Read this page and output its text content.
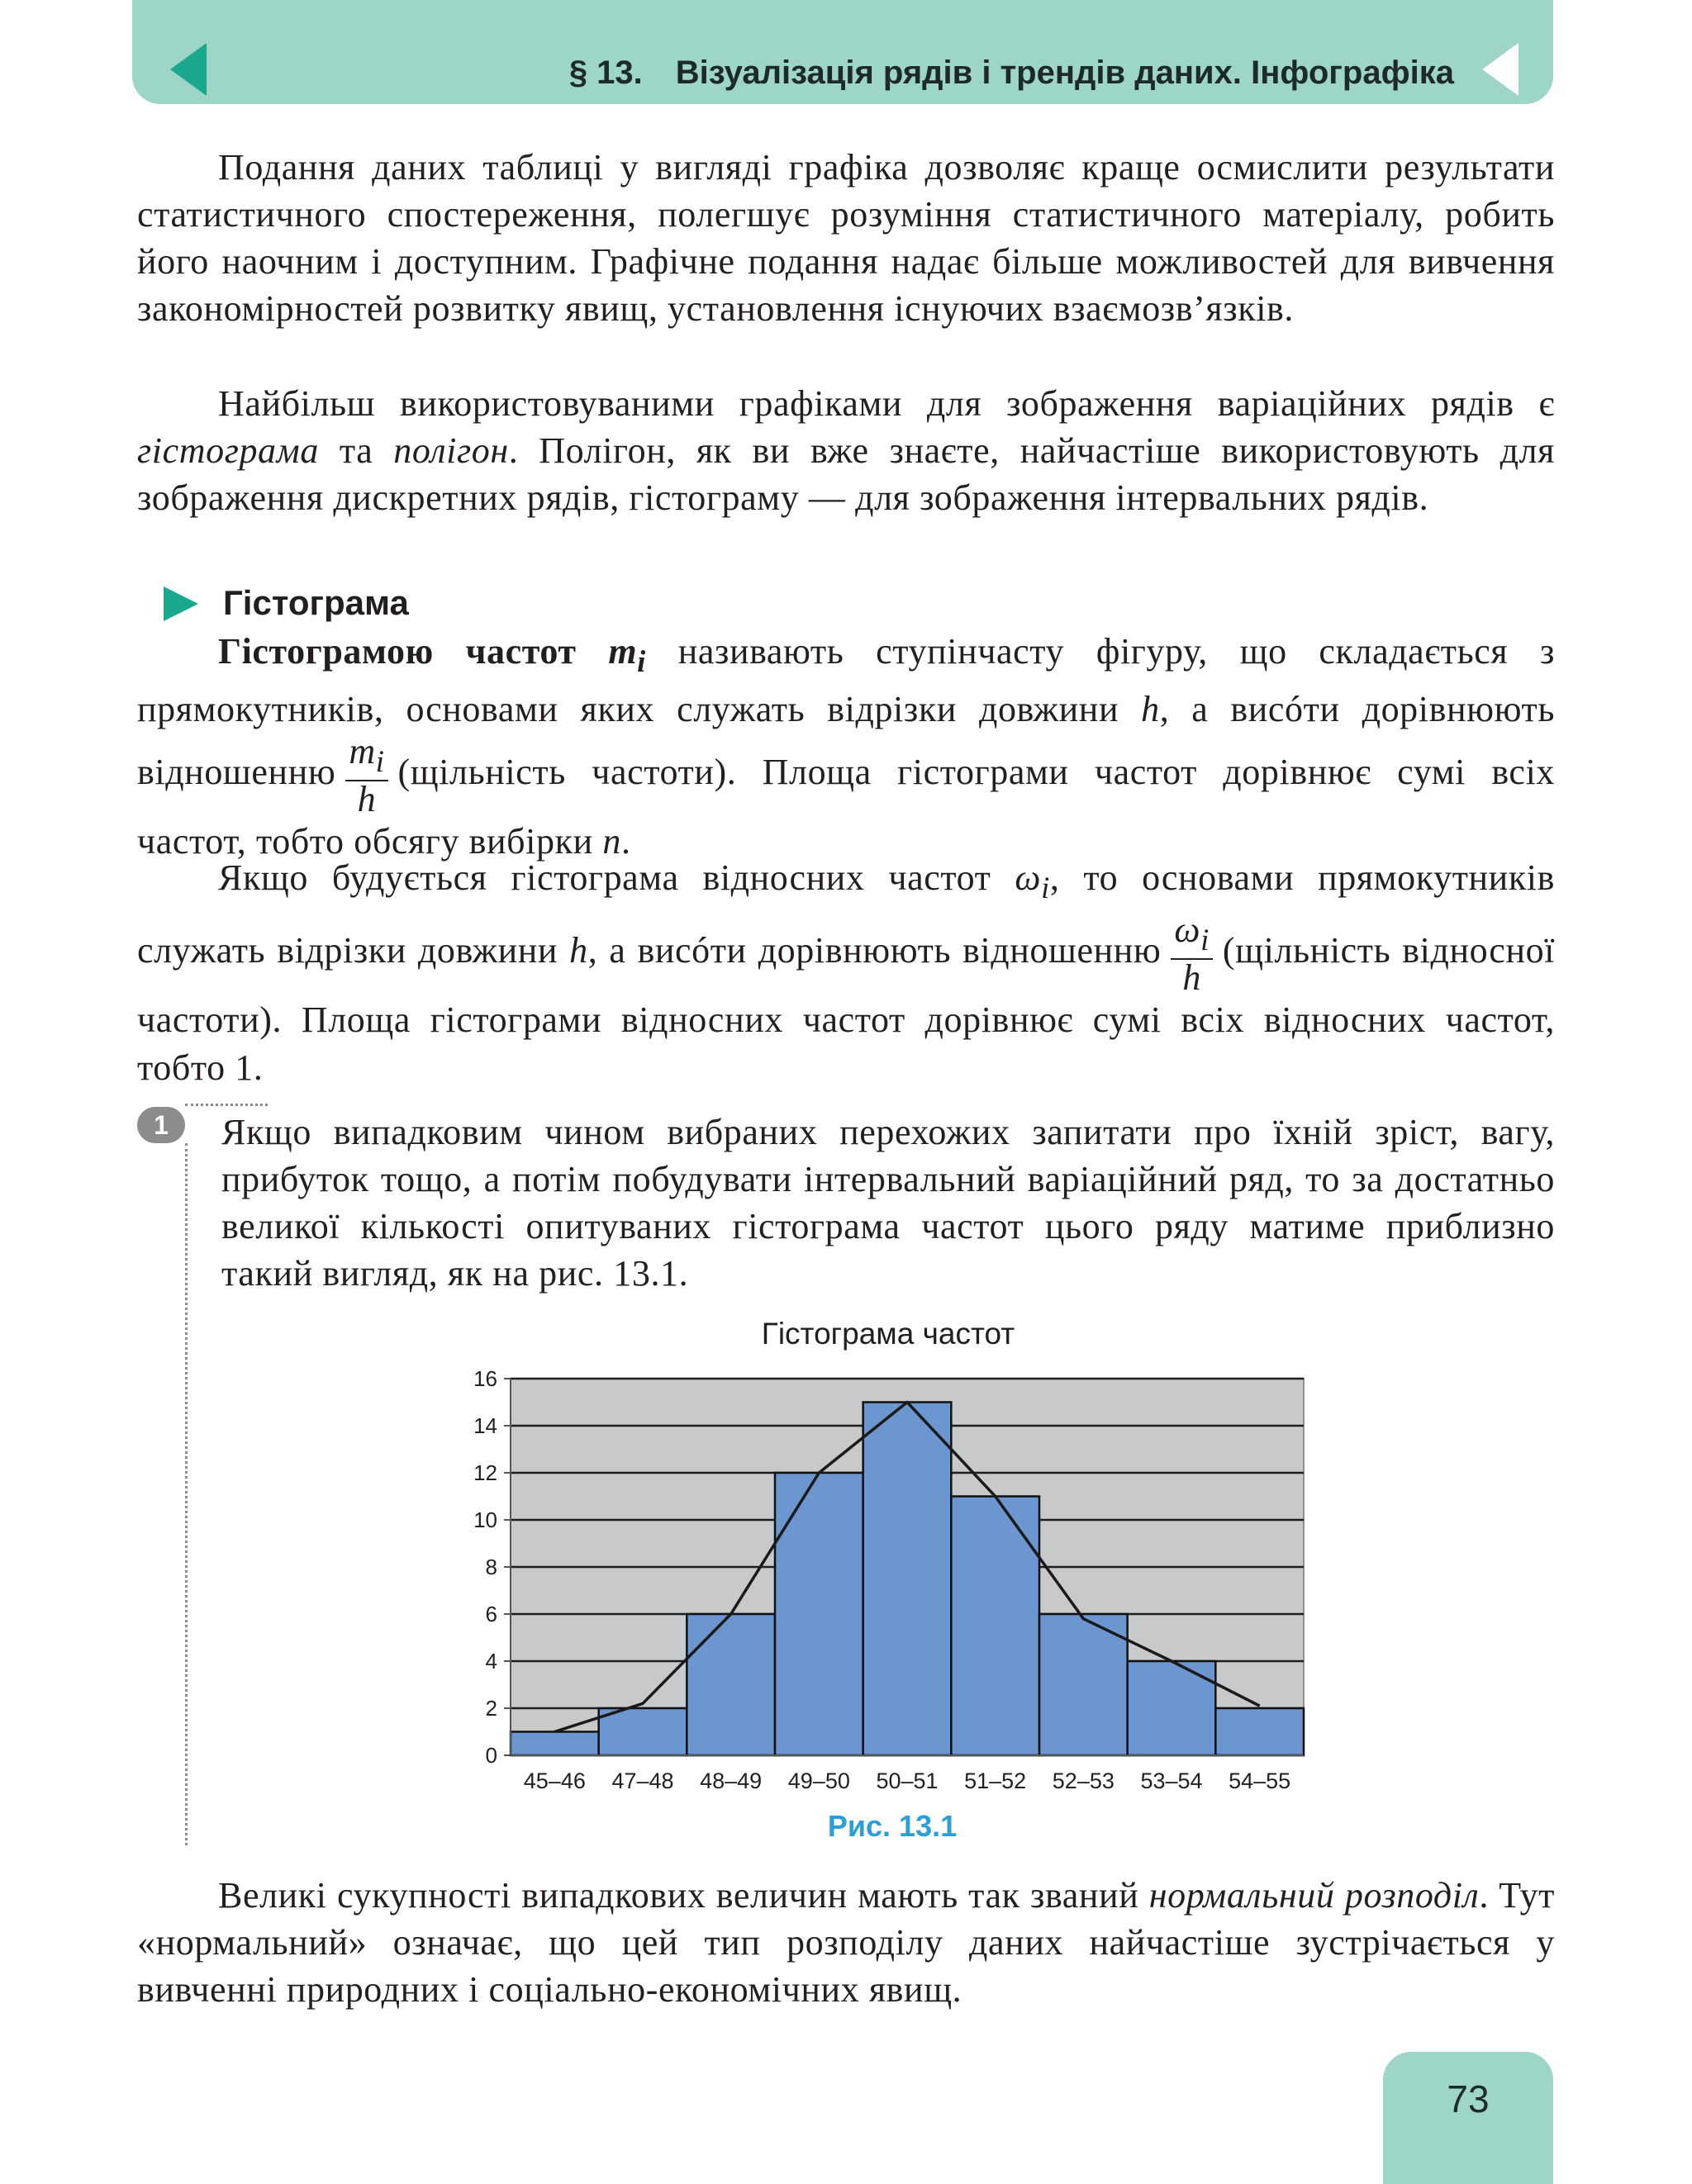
§ 13. Візуалізація рядів і трендів даних. Інфографіка

Подання даних таблиці у вигляді графіка дозволяє краще осмислити результати статистичного спостереження, полегшує розуміння статистичного матеріалу, робить його наочним і доступним. Графічне подання надає більше можливостей для вивчення закономірностей розвитку явищ, установлення існуючих взаємозв’язків.

Найбільш використовуваними графіками для зображення варіаційних рядів є гістограма та полігон. Полігон, як ви вже знаєте, найчастіше використовують для зображення дискретних рядів, гістограму — для зображення інтервальних рядів.

Гістограма

Гістограмою частот $m_i$ називають ступінчасту фігуру, що складається з прямокутників, основами яких служать відрізки довжини h, а висóти дорівнюють відношенню $\frac{m_i}{h}$ (щільність частоти). Площа гістограми частот дорівнює сумі всіх частот, тобто обсягу вибірки n.

Якщо будується гістограма відносних частот $\omega_i$, то основами прямокутників служать відрізки довжини h, а висóти дорівнюють відношенню $\frac{\omega_i}{h}$ (щільність відносної частоти). Площа гістограми відносних частот дорівнює сумі всіх відносних частот, тобто 1.

1	Якщо випадковим чином вибраних перехожих запитати про їхній зріст, вагу, прибуток тощо, а потім побудувати інтервальний варіаційний ряд, то за достатньо великої кількості опитуваних гістограма частот цього ряду матиме приблизно такий вигляд, як на рис. 13.1.

Гістограма частот
0
2
4
6
8
10
12
14
16
45–46 47–48 48–49 49–50 50–51 51–52 52–53 53–54 54–55
Рис. 13.1

Великі сукупності випадкових величин мають так званий нормальний розподіл. Тут «нормальний» означає, що цей тип розподілу даних найчастіше зустрічається у вивченні природних і соціально-економічних явищ.

73
